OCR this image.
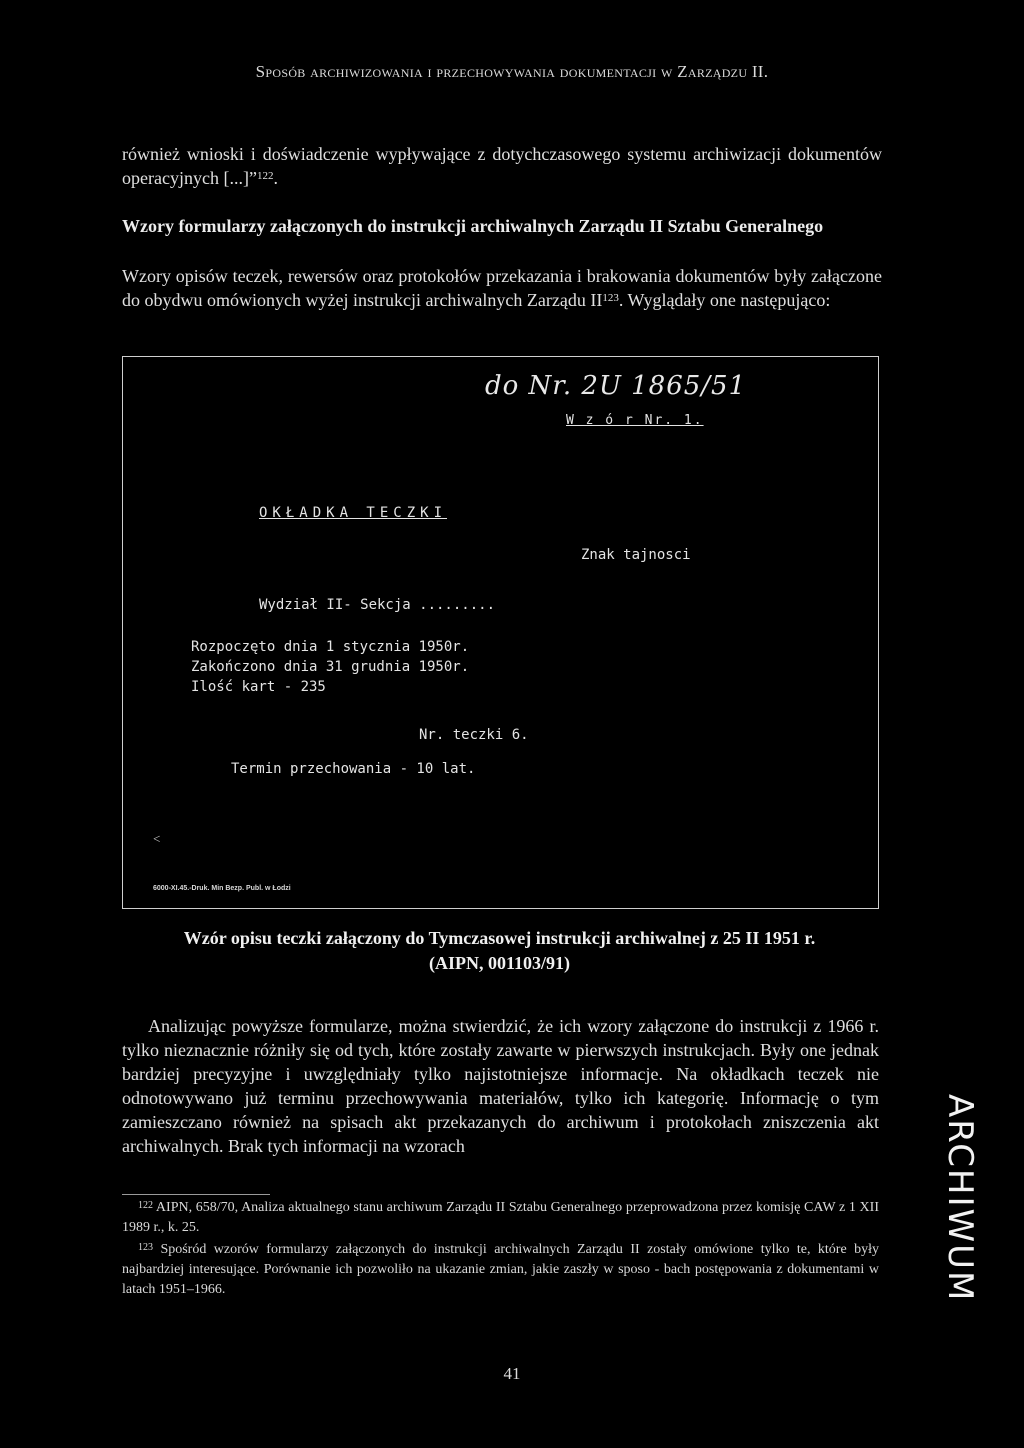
Sposób archiwizowania i przechowywania dokumentacji w Zarządzu II.
również wnioski i doświadczenie wypływające z dotychczasowego systemu archiwizacji dokumentów operacyjnych [...]”$^{122}$.
Wzory formularzy załączonych do instrukcji archiwalnych Zarządu II Sztabu Generalnego
Wzory opisów teczek, rewersów oraz protokołów przekazania i brakowania dokumentów były załączone do obydwu omówionych wyżej instrukcji archiwalnych Zarządu II$^{123}$. Wyglądały one następująco:
do Nr. 2U 1865/51
W z ó r Nr. 1.
OKŁADKA TECZKI
Znak tajnosci
Wydział II- Sekcja .........
Rozpoczęto dnia 1 stycznia 1950r.
Zakończono dnia 31 grudnia 1950r.
Ilość kart - 235
Nr. teczki 6.
Termin przechowania - 10 lat.
<
6000-XI.45.-Druk. Min Bezp. Publ. w Łodzi
Wzór opisu teczki załączony do Tymczasowej instrukcji archiwalnej z 25 II 1951 r.
(AIPN, 001103/91)
Analizując powyższe formularze, można stwierdzić, że ich wzory załączone do instrukcji z 1966 r. tylko nieznacznie różniły się od tych, które zostały zawarte w pierwszych instrukcjach. Były one jednak bardziej precyzyjne i uwzględniały tylko najistotniejsze informacje. Na okładkach teczek nie odnotowywano już terminu przechowywania materiałów, tylko ich kategorię. Informację o tym zamieszczano również na spisach akt przekazanych do archiwum i protokołach zniszczenia akt archiwalnych. Brak tych informacji na wzorach

$^{122}$ AIPN, 658/70, Analiza aktualnego stanu archiwum Zarządu II Sztabu Generalnego przeprowadzona przez komisję CAW z 1 XII 1989 r., k. 25.

$^{123}$ Spośród wzorów formularzy załączonych do instrukcji archiwalnych Zarządu II zostały omówione tylko te, które były najbardziej interesujące. Porównanie ich pozwoliło na ukazanie zmian, jakie zaszły w sposo - bach postępowania z dokumentami w latach 1951–1966.

41
ARCHIWUM
